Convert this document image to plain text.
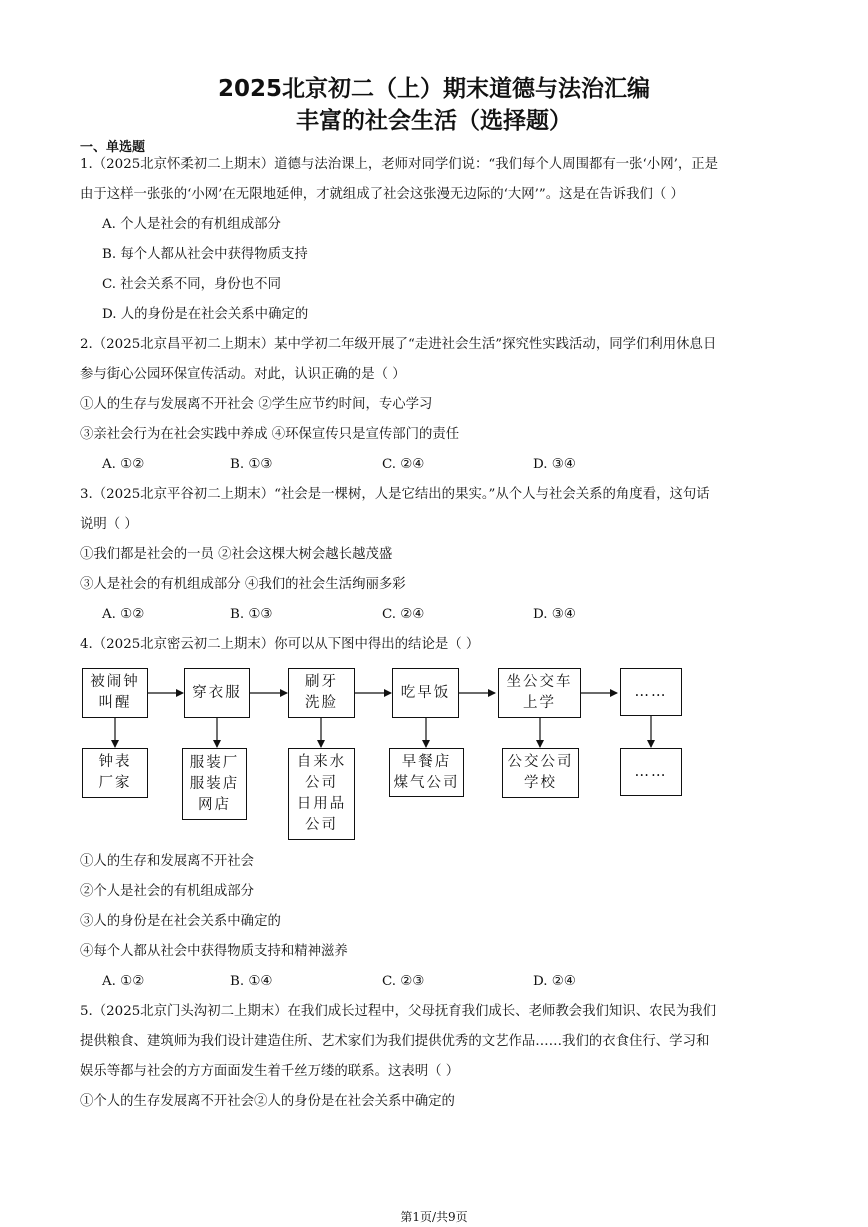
2025北京初二（上）期末道德与法治汇编
丰富的社会生活（选择题）
一、单选题
1.（2025北京怀柔初二上期末）道德与法治课上，老师对同学们说：“我们每个人周围都有一张‘小网’，正是
由于这样一张张的‘小网’在无限地延伸，才就组成了社会这张漫无边际的‘大网’”。这是在告诉我们（ ）
A. 个人是社会的有机组成部分
B. 每个人都从社会中获得物质支持
C. 社会关系不同，身份也不同
D. 人的身份是在社会关系中确定的
2.（2025北京昌平初二上期末）某中学初二年级开展了“走进社会生活”探究性实践活动，同学们利用休息日
参与街心公园环保宣传活动。对此，认识正确的是（ ）
①人的生存与发展离不开社会 ②学生应节约时间，专心学习
③亲社会行为在社会实践中养成 ④环保宣传只是宣传部门的责任
A. ①②	B. ①③	C. ②④	D. ③④
3.（2025北京平谷初二上期末）“社会是一棵树，人是它结出的果实。”从个人与社会关系的角度看，这句话
说明（ ）
①我们都是社会的一员 ②社会这棵大树会越长越茂盛
③人是社会的有机组成部分 ④我们的社会生活绚丽多彩
A. ①②	B. ①③	C. ②④	D. ③④
4.（2025北京密云初二上期末）你可以从下图中得出的结论是（ ）
被闹钟
叫醒
穿衣服
刷牙
洗脸
吃早饭
坐公交车
上学
……
钟表
厂家
服装厂
服装店
网店
自来水
公司
日用品
公司
早餐店
煤气公司
公交公司
学校
……
①人的生存和发展离不开社会
②个人是社会的有机组成部分
③人的身份是在社会关系中确定的
④每个人都从社会中获得物质支持和精神滋养
A. ①②	B. ①④	C. ②③	D. ②④
5.（2025北京门头沟初二上期末）在我们成长过程中，父母抚育我们成长、老师教会我们知识、农民为我们
提供粮食、建筑师为我们设计建造住所、艺术家们为我们提供优秀的文艺作品……我们的衣食住行、学习和
娱乐等都与社会的方方面面发生着千丝万缕的联系。这表明（ ）
①个人的生存发展离不开社会②人的身份是在社会关系中确定的
第1页/共9页
